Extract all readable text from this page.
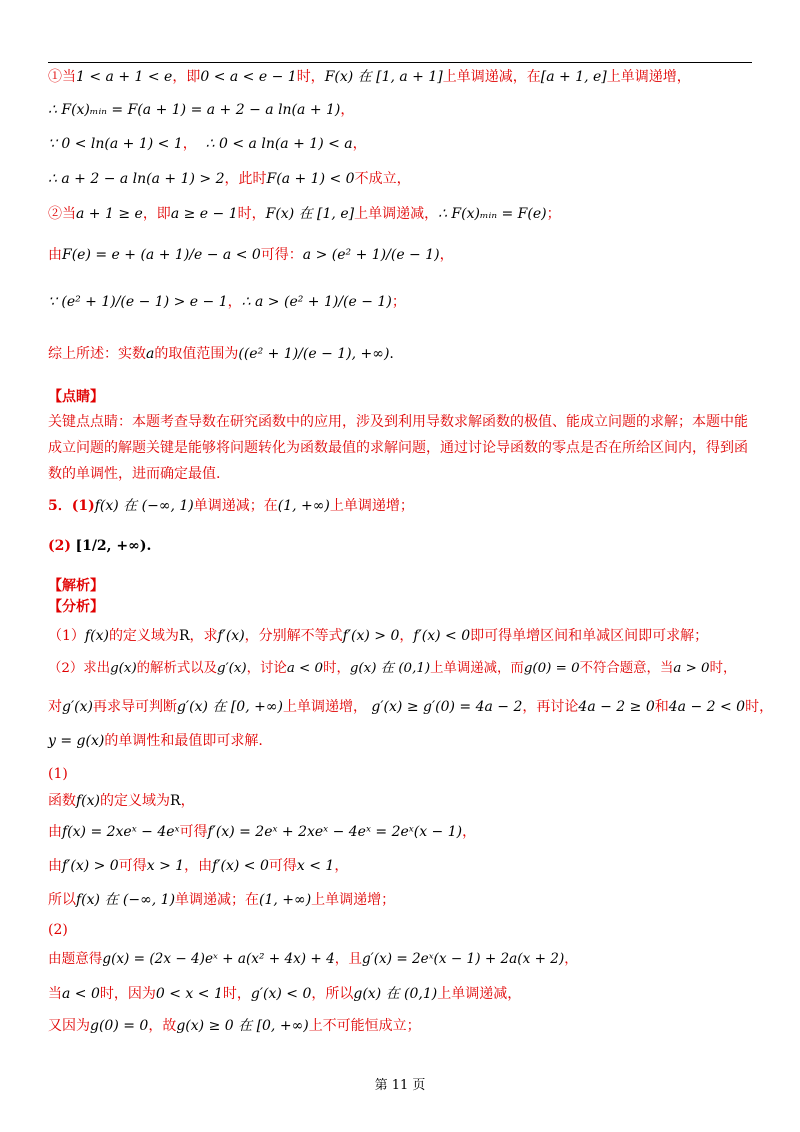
①当1 < a + 1 < e，即0 < a < e − 1时，F(x) 在 [1, a + 1]上单调递减，在[a + 1, e]上单调递增，
∴ F(x)ₘᵢₙ = F(a + 1) = a + 2 − a ln(a + 1)，
∵ 0 < ln(a + 1) < 1， ∴ 0 < a ln(a + 1) < a，
∴ a + 2 − a ln(a + 1) > 2，此时F(a + 1) < 0不成立，
②当a + 1 ≥ e，即a ≥ e − 1时，F(x) 在 [1, e]上单调递减，∴ F(x)ₘᵢₙ = F(e)；
由F(e) = e + (a + 1)/e − a < 0可得：a > (e² + 1)/(e − 1)，
∵ (e² + 1)/(e − 1) > e − 1，∴ a > (e² + 1)/(e − 1)；
综上所述：实数a的取值范围为((e² + 1)/(e − 1), +∞).
【点睛】
关键点点睛：本题考查导数在研究函数中的应用，涉及到利用导数求解函数的极值、能成立问题的求解；本题中能成立问题的解题关键是能够将问题转化为函数最值的求解问题，通过讨论导函数的零点是否在所给区间内，得到函数的单调性，进而确定最值.
5．(1)f(x) 在 (−∞, 1)单调递减；在(1, +∞)上单调递增；
(2) [1/2, +∞).
【解析】
【分析】
（1）f(x)的定义域为R，求f′(x)，分别解不等式f′(x) > 0，f′(x) < 0即可得单增区间和单减区间即可求解；
（2）求出g(x)的解析式以及g′(x)，讨论a < 0时，g(x) 在 (0,1)上单调递减，而g(0) = 0不符合题意，当a > 0时，
对g′(x)再求导可判断g′(x) 在 [0, +∞)上单调递增， g′(x) ≥ g′(0) = 4a − 2，再讨论4a − 2 ≥ 0和4a − 2 < 0时，
y = g(x)的单调性和最值即可求解.
(1)
函数f(x)的定义域为R，
由f(x) = 2xeˣ − 4eˣ可得f′(x) = 2eˣ + 2xeˣ − 4eˣ = 2eˣ(x − 1)，
由f′(x) > 0可得x > 1，由f′(x) < 0可得x < 1，
所以f(x) 在 (−∞, 1)单调递减；在(1, +∞)上单调递增；
(2)
由题意得g(x) = (2x − 4)eˣ + a(x² + 4x) + 4，且g′(x) = 2eˣ(x − 1) + 2a(x + 2)，
当a < 0时，因为0 < x < 1时，g′(x) < 0，所以g(x) 在 (0,1)上单调递减，
又因为g(0) = 0，故g(x) ≥ 0 在 [0, +∞)上不可能恒成立；
第 11 页
